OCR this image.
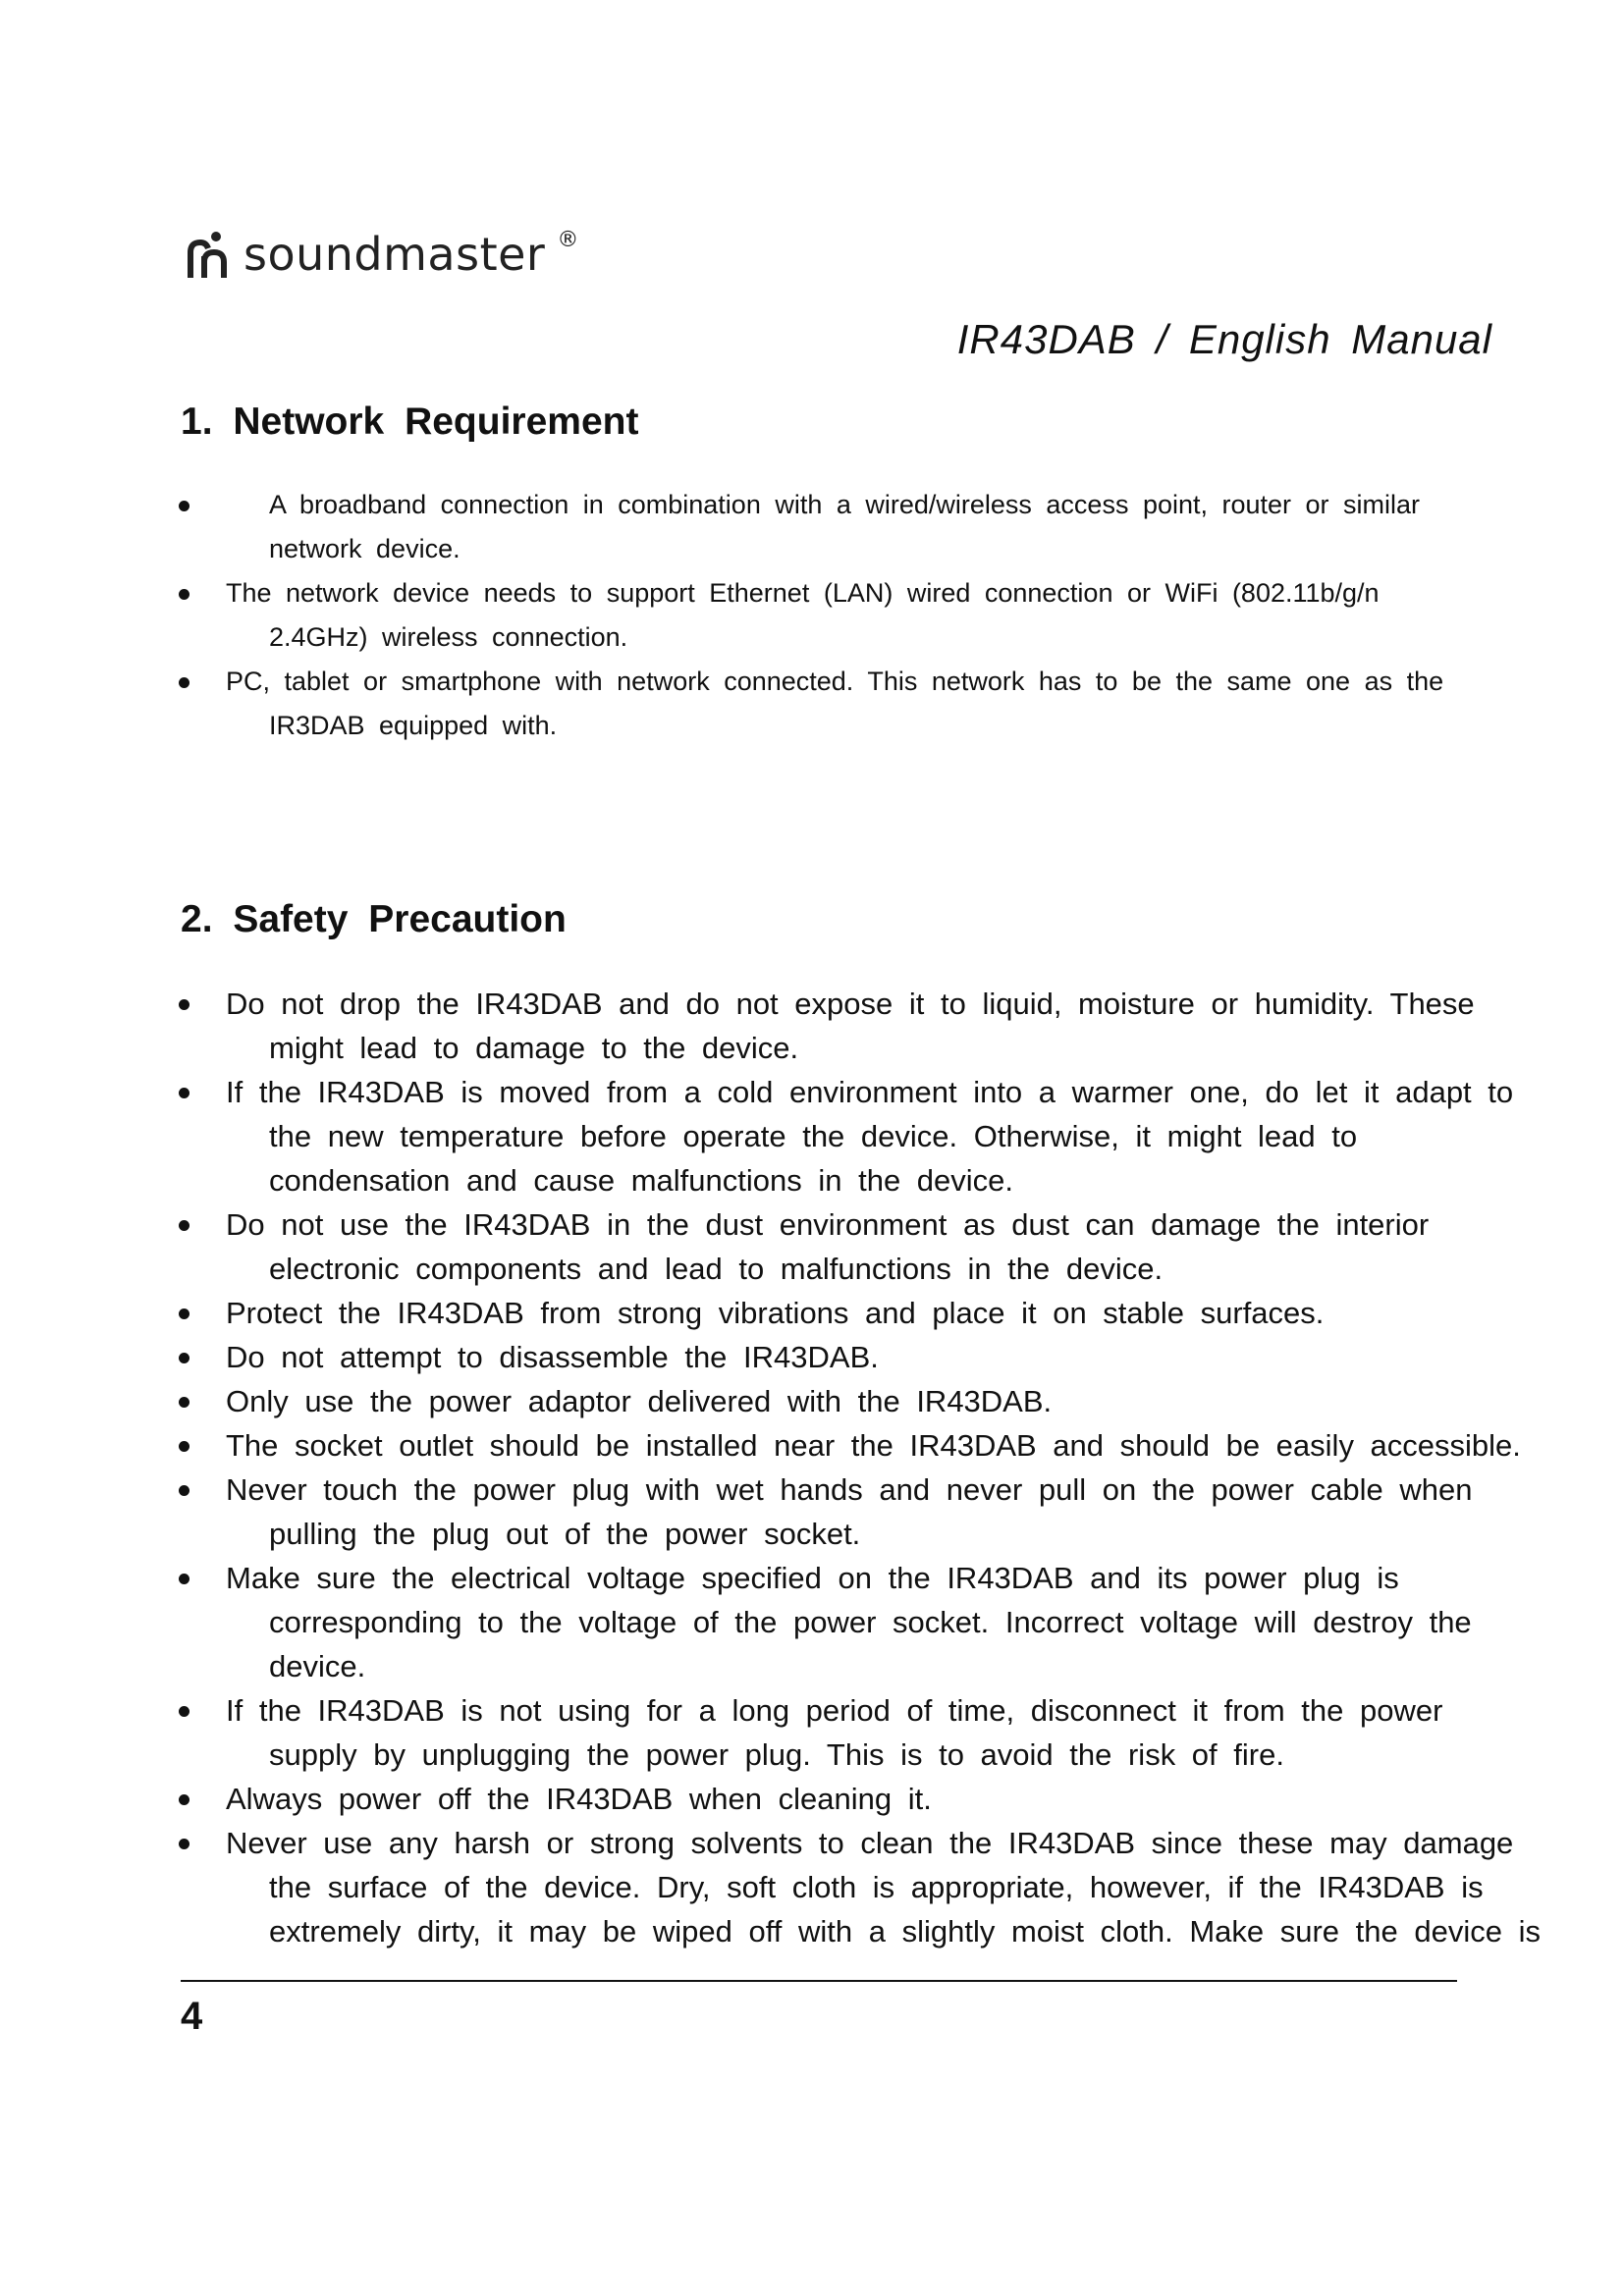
soundmaster ®
IR43DAB / English Manual
1. Network Requirement
A broadband connection in combination with a wired/wireless access point, router or similar
network device.
The network device needs to support Ethernet (LAN) wired connection or WiFi (802.11b/g/n
2.4GHz) wireless connection.
PC, tablet or smartphone with network connected. This network has to be the same one as the
IR3DAB equipped with.
2. Safety Precaution
Do not drop the IR43DAB and do not expose it to liquid, moisture or humidity. These
might lead to damage to the device.
If the IR43DAB is moved from a cold environment into a warmer one, do let it adapt to
the new temperature before operate the device. Otherwise, it might lead to
condensation and cause malfunctions in the device.
Do not use the IR43DAB in the dust environment as dust can damage the interior
electronic components and lead to malfunctions in the device.
Protect the IR43DAB from strong vibrations and place it on stable surfaces.
Do not attempt to disassemble the IR43DAB.
Only use the power adaptor delivered with the IR43DAB.
The socket outlet should be installed near the IR43DAB and should be easily accessible.
Never touch the power plug with wet hands and never pull on the power cable when
pulling the plug out of the power socket.
Make sure the electrical voltage specified on the IR43DAB and its power plug is
corresponding to the voltage of the power socket. Incorrect voltage will destroy the
device.
If the IR43DAB is not using for a long period of time, disconnect it from the power
supply by unplugging the power plug. This is to avoid the risk of fire.
Always power off the IR43DAB when cleaning it.
Never use any harsh or strong solvents to clean the IR43DAB since these may damage
the surface of the device. Dry, soft cloth is appropriate, however, if the IR43DAB is
extremely dirty, it may be wiped off with a slightly moist cloth. Make sure the device is
4
